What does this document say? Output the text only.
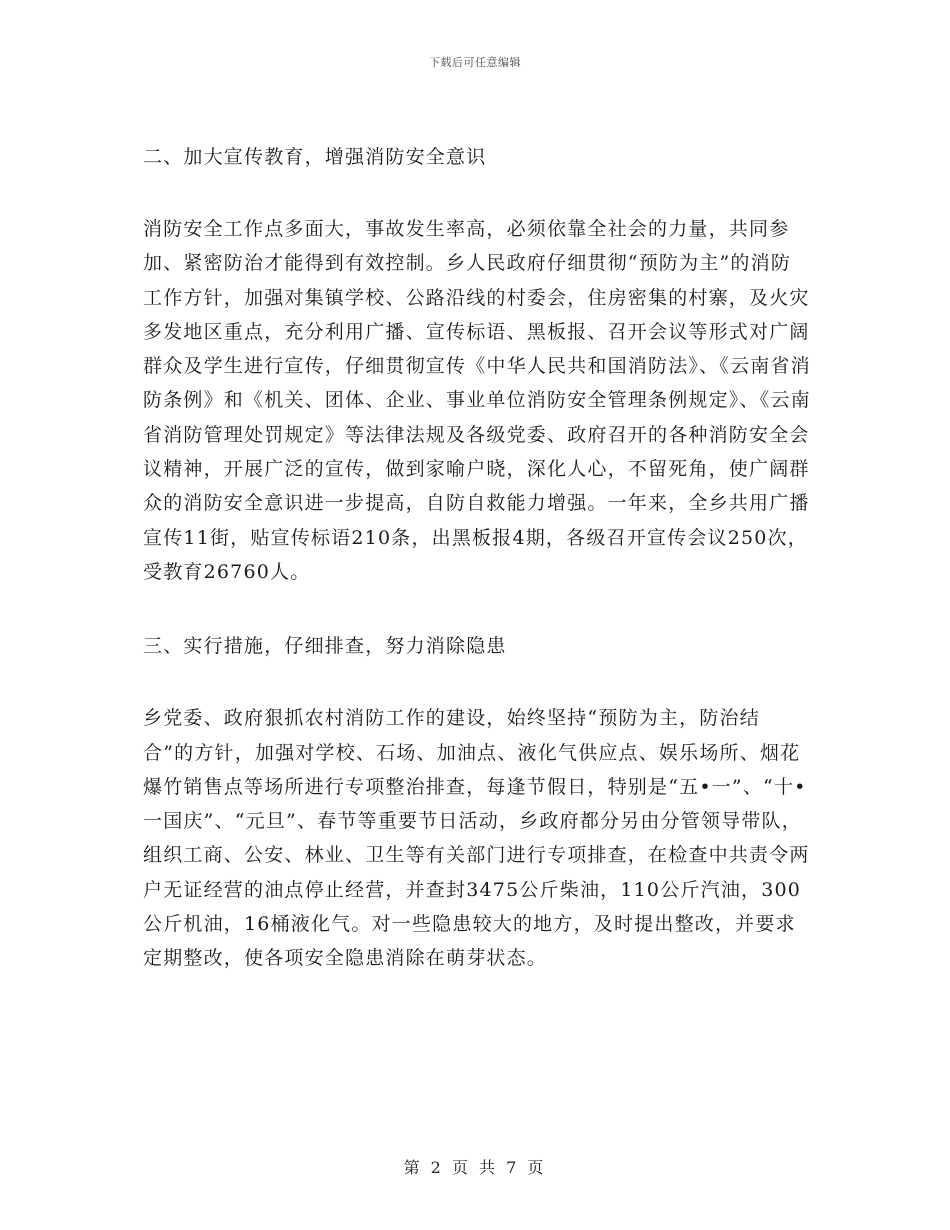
下载后可任意编辑
二、加大宣传教育，增强消防安全意识

消防安全工作点多面大，事故发生率高，必须依靠全社会的力量，共同参加、紧密防治才能得到有效控制。乡人民政府仔细贯彻“预防为主”的消防工作方针，加强对集镇学校、公路沿线的村委会，住房密集的村寨，及火灾多发地区重点，充分利用广播、宣传标语、黑板报、召开会议等形式对广阔群众及学生进行宣传，仔细贯彻宣传《中华人民共和国消防法》、《云南省消防条例》和《机关、团体、企业、事业单位消防安全管理条例规定》、《云南省消防管理处罚规定》等法律法规及各级党委、政府召开的各种消防安全会议精神，开展广泛的宣传，做到家喻户晓，深化人心，不留死角，使广阔群众的消防安全意识进一步提高，自防自救能力增强。一年来，全乡共用广播宣传11街，贴宣传标语210条，出黑板报4期，各级召开宣传会议250次，受教育26760人。

三、实行措施，仔细排查，努力消除隐患

乡党委、政府狠抓农村消防工作的建设，始终坚持“预防为主，防治结合”的方针，加强对学校、石场、加油点、液化气供应点、娱乐场所、烟花爆竹销售点等场所进行专项整治排查，每逢节假日，特别是“五•一”、“十•一国庆”、“元旦”、春节等重要节日活动，乡政府都分另由分管领导带队，组织工商、公安、林业、卫生等有关部门进行专项排查，在检查中共责令两户无证经营的油点停止经营，并查封3475公斤柴油，110公斤汽油，300公斤机油，16桶液化气。对一些隐患较大的地方，及时提出整改，并要求定期整改，使各项安全隐患消除在萌芽状态。

第 2 页 共 7 页
